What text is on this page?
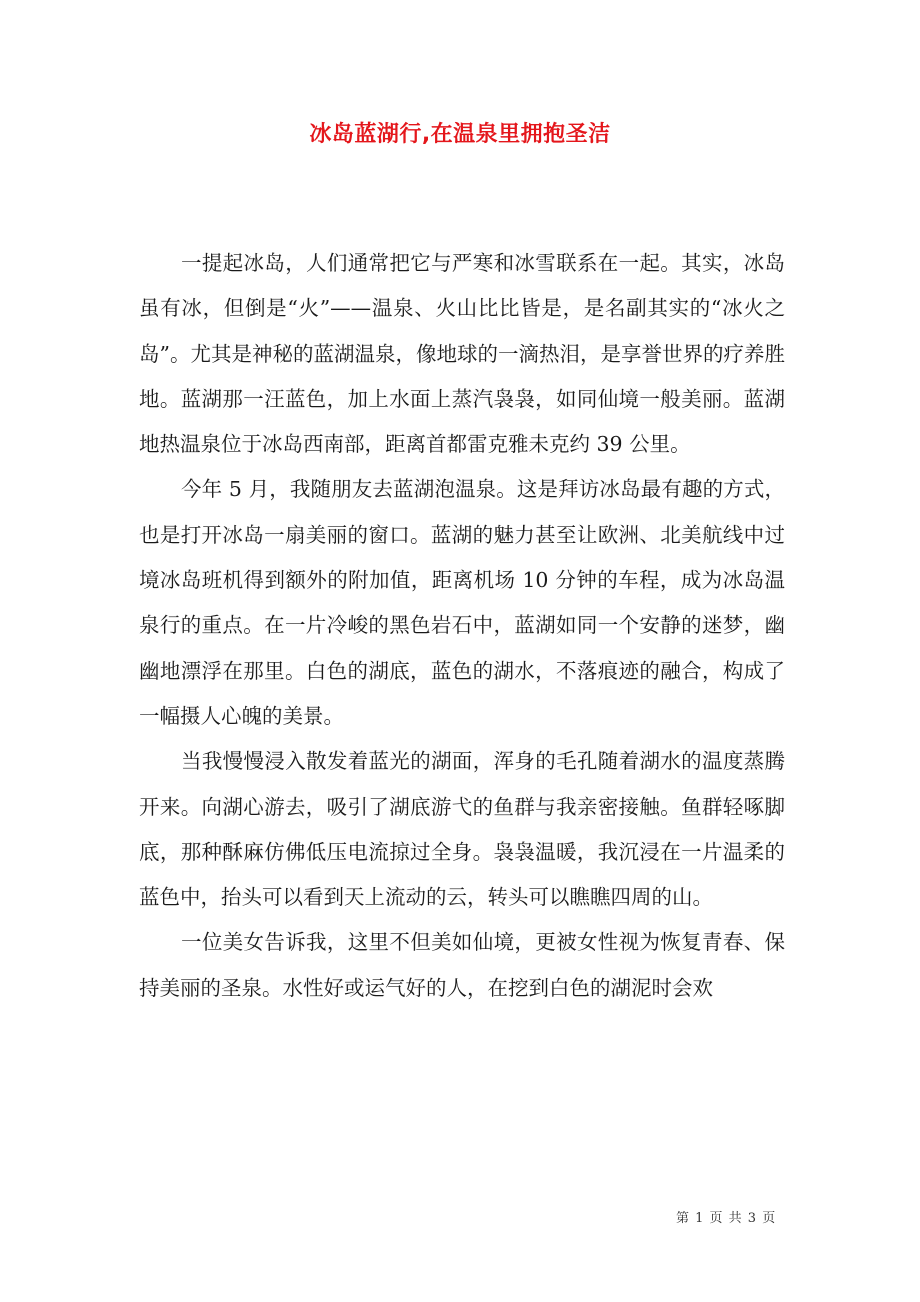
冰岛蓝湖行,在温泉里拥抱圣洁

一提起冰岛，人们通常把它与严寒和冰雪联系在一起。其实，冰岛虽有冰，但倒是“火”——温泉、火山比比皆是，是名副其实的“冰火之岛”。尤其是神秘的蓝湖温泉，像地球的一滴热泪，是享誉世界的疗养胜地。蓝湖那一汪蓝色，加上水面上蒸汽袅袅，如同仙境一般美丽。蓝湖地热温泉位于冰岛西南部，距离首都雷克雅未克约 39 公里。

今年 5 月，我随朋友去蓝湖泡温泉。这是拜访冰岛最有趣的方式，也是打开冰岛一扇美丽的窗口。蓝湖的魅力甚至让欧洲、北美航线中过境冰岛班机得到额外的附加值，距离机场 10 分钟的车程，成为冰岛温泉行的重点。在一片冷峻的黑色岩石中，蓝湖如同一个安静的迷梦，幽幽地漂浮在那里。白色的湖底，蓝色的湖水，不落痕迹的融合，构成了一幅摄人心魄的美景。

当我慢慢浸入散发着蓝光的湖面，浑身的毛孔随着湖水的温度蒸腾开来。向湖心游去，吸引了湖底游弋的鱼群与我亲密接触。鱼群轻啄脚底，那种酥麻仿佛低压电流掠过全身。袅袅温暖，我沉浸在一片温柔的蓝色中，抬头可以看到天上流动的云，转头可以瞧瞧四周的山。

一位美女告诉我，这里不但美如仙境，更被女性视为恢复青春、保持美丽的圣泉。水性好或运气好的人，在挖到白色的湖泥时会欢

第 1 页 共 3 页
